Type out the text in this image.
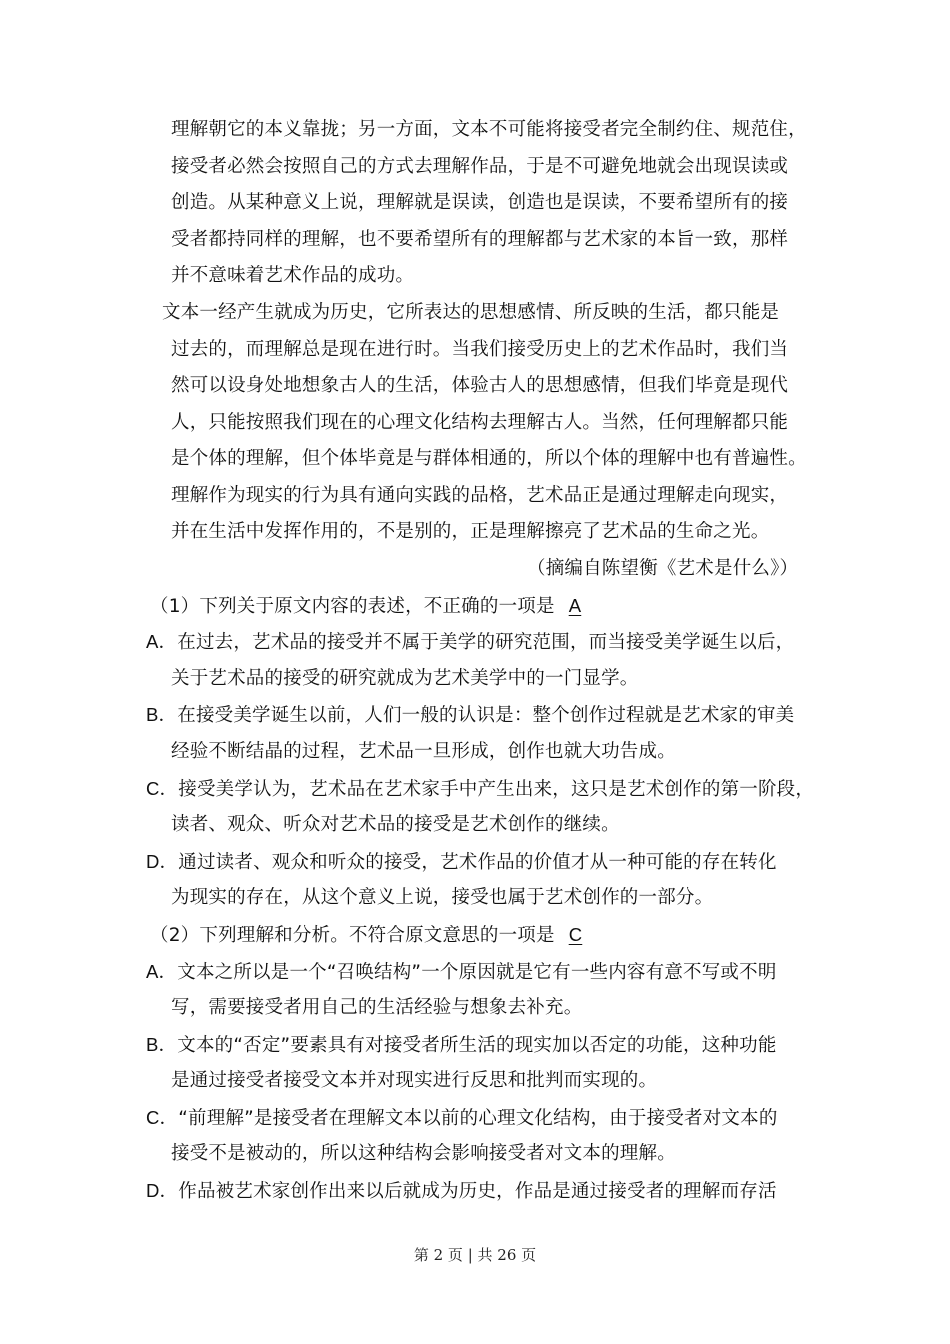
理解朝它的本义靠拢；另一方面，文本不可能将接受者完全制约住、规范住，
接受者必然会按照自己的方式去理解作品，于是不可避免地就会出现误读或
创造。从某种意义上说，理解就是误读，创造也是误读，不要希望所有的接
受者都持同样的理解，也不要希望所有的理解都与艺术家的本旨一致，那样
并不意味着艺术作品的成功。
文本一经产生就成为历史，它所表达的思想感情、所反映的生活，都只能是
过去的，而理解总是现在进行时。当我们接受历史上的艺术作品时，我们当
然可以设身处地想象古人的生活，体验古人的思想感情，但我们毕竟是现代
人，只能按照我们现在的心理文化结构去理解古人。当然，任何理解都只能
是个体的理解，但个体毕竟是与群体相通的，所以个体的理解中也有普遍性。
理解作为现实的行为具有通向实践的品格，艺术品正是通过理解走向现实，
并在生活中发挥作用的，不是别的，正是理解擦亮了艺术品的生命之光。
（摘编自陈望衡《艺术是什么》）
（1）下列关于原文内容的表述，不正确的一项是 A
A．在过去，艺术品的接受并不属于美学的研究范围，而当接受美学诞生以后，
关于艺术品的接受的研究就成为艺术美学中的一门显学。
B．在接受美学诞生以前，人们一般的认识是：整个创作过程就是艺术家的审美
经验不断结晶的过程，艺术品一旦形成，创作也就大功告成。
C．接受美学认为，艺术品在艺术家手中产生出来，这只是艺术创作的第一阶段，
读者、观众、听众对艺术品的接受是艺术创作的继续。
D．通过读者、观众和听众的接受，艺术作品的价值才从一种可能的存在转化
为现实的存在，从这个意义上说，接受也属于艺术创作的一部分。
（2）下列理解和分析。不符合原文意思的一项是 C
A．文本之所以是一个“召唤结构”一个原因就是它有一些内容有意不写或不明
写，需要接受者用自己的生活经验与想象去补充。
B．文本的“否定”要素具有对接受者所生活的现实加以否定的功能，这种功能
是通过接受者接受文本并对现实进行反思和批判而实现的。
C．“前理解”是接受者在理解文本以前的心理文化结构，由于接受者对文本的
接受不是被动的，所以这种结构会影响接受者对文本的理解。
D．作品被艺术家创作出来以后就成为历史，作品是通过接受者的理解而存活
第 2 页 | 共 26 页
